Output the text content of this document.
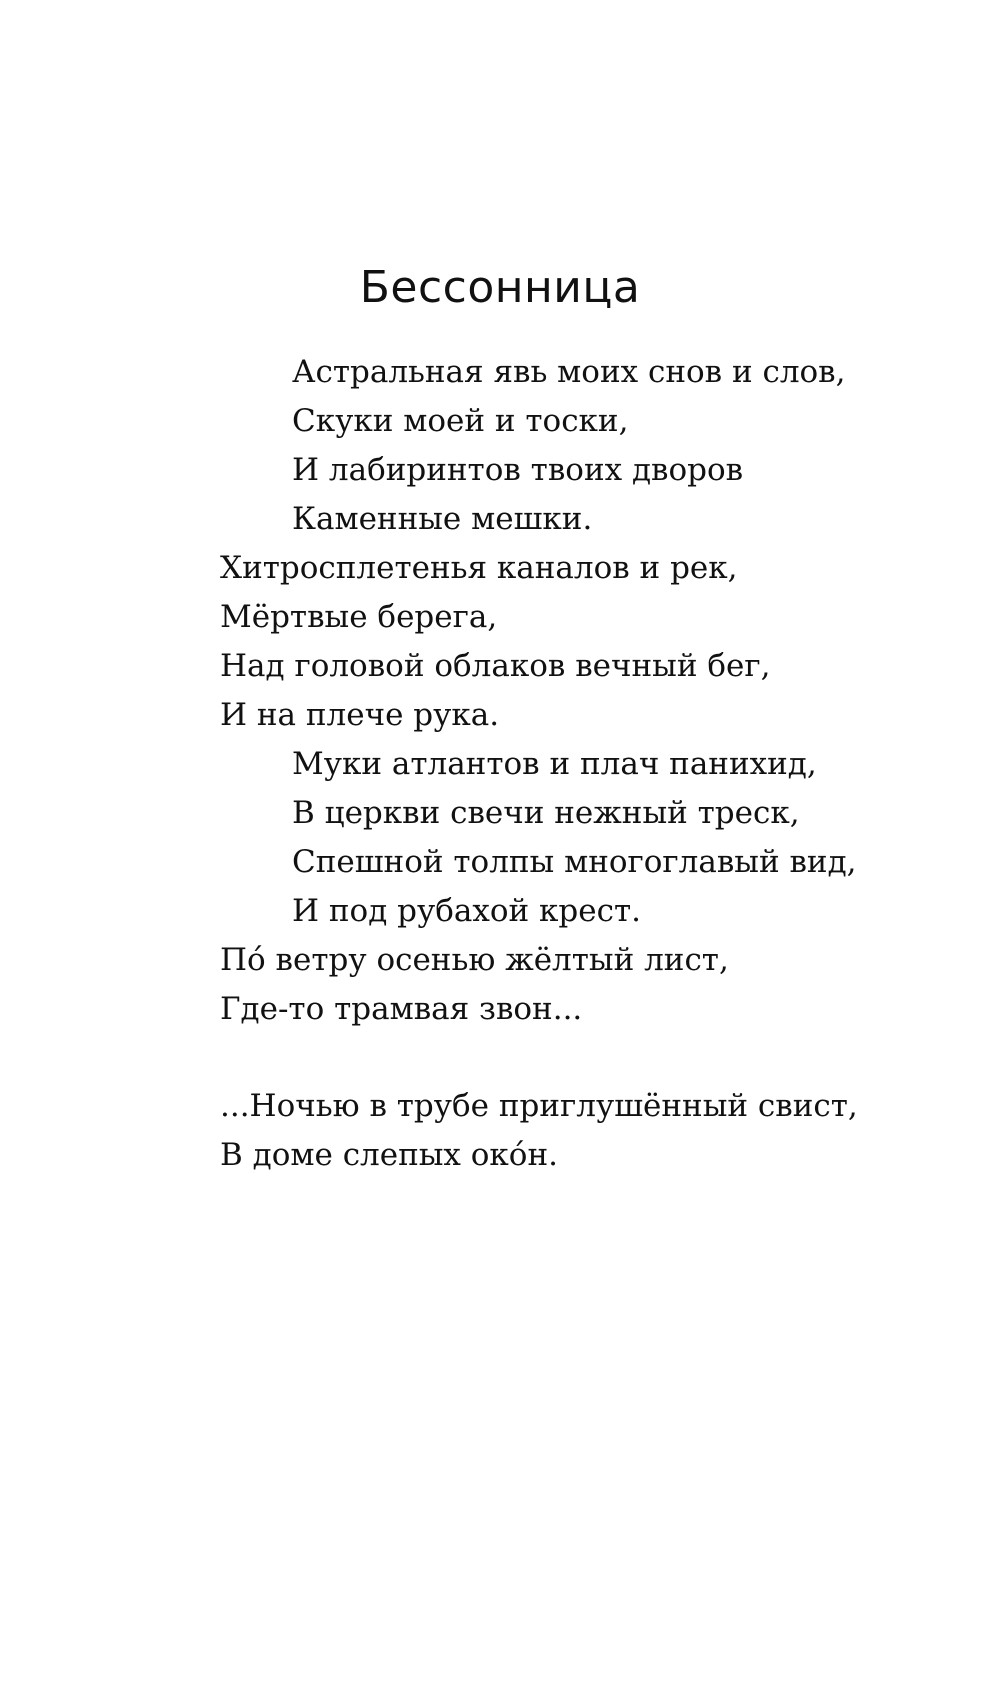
Бессонница
Астральная явь моих снов и слов,
Скуки моей и тоски,
И лабиринтов твоих дворов
Каменные мешки.
Хитросплетенья каналов и рек,
Мёртвые берега,
Над головой облаков вечный бег,
И на плече рука.
Муки атлантов и плач панихид,
В церкви свечи нежный треск,
Спешной толпы многоглавый вид,
И под рубахой крест.
По́ ветру осенью жёлтый лист,
Где-то трамвая звон...
...Ночью в трубе приглушённый свист,
В доме слепых око́н.
